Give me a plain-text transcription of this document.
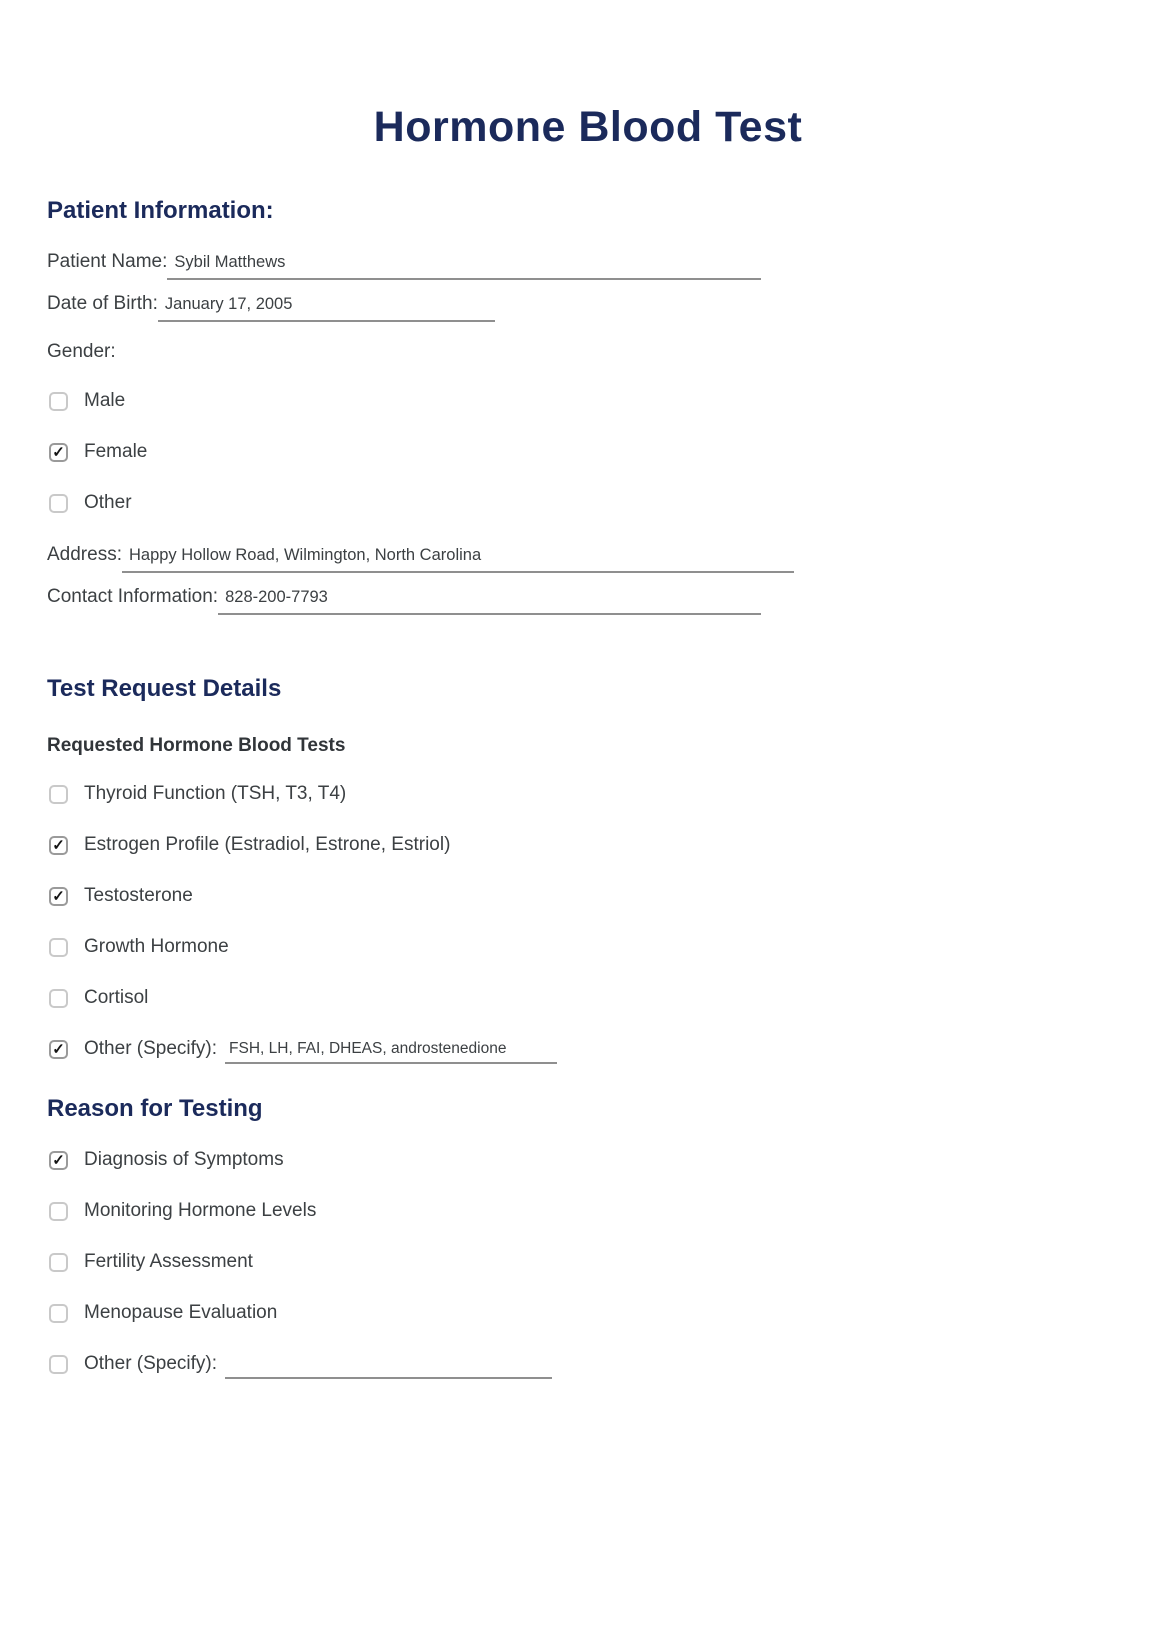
Hormone Blood Test
Patient Information:
Patient Name: Sybil Matthews
Date of Birth: January 17, 2005
Gender:
Male
✓
Female
Other
Address: Happy Hollow Road, Wilmington, North Carolina
Contact Information: 828-200-7793
Test Request Details
Requested Hormone Blood Tests
Thyroid Function (TSH, T3, T4)
✓
Estrogen Profile (Estradiol, Estrone, Estriol)
✓
Testosterone
Growth Hormone
Cortisol
✓
Other (Specify): FSH, LH, FAI, DHEAS, androstenedione
Reason for Testing
✓
Diagnosis of Symptoms
Monitoring Hormone Levels
Fertility Assessment
Menopause Evaluation
Other (Specify):
